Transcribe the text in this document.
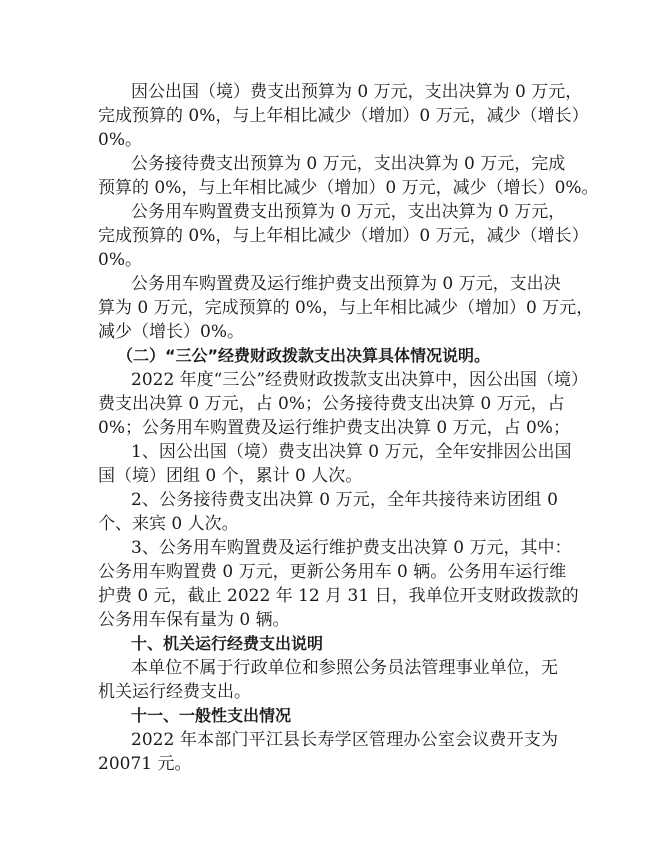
因公出国（境）费支出预算为 0 万元，支出决算为 0 万元，
完成预算的 0%，与上年相比减少（增加）0 万元，减少（增长）
0%。
公务接待费支出预算为 0 万元，支出决算为 0 万元，完成
预算的 0%，与上年相比减少（增加）0 万元，减少（增长）0%。
公务用车购置费支出预算为 0 万元，支出决算为 0 万元，
完成预算的 0%，与上年相比减少（增加）0 万元，减少（增长）
0%。
公务用车购置费及运行维护费支出预算为 0 万元，支出决
算为 0 万元，完成预算的 0%，与上年相比减少（增加）0 万元，
减少（增长）0%。
（二）“三公”经费财政拨款支出决算具体情况说明。
2022 年度“三公”经费财政拨款支出决算中，因公出国（境）
费支出决算 0 万元，占 0%；公务接待费支出决算 0 万元，占
0%；公务用车购置费及运行维护费支出决算 0 万元，占 0%；
1、因公出国（境）费支出决算 0 万元，全年安排因公出国
国（境）团组 0 个，累计 0 人次。
2、公务接待费支出决算 0 万元，全年共接待来访团组 0
个、来宾 0 人次。
3、公务用车购置费及运行维护费支出决算 0 万元，其中：
公务用车购置费 0 万元，更新公务用车 0 辆。公务用车运行维
护费 0 元，截止 2022 年 12 月 31 日，我单位开支财政拨款的
公务用车保有量为 0 辆。
十、机关运行经费支出说明
本单位不属于行政单位和参照公务员法管理事业单位，无
机关运行经费支出。
十一、一般性支出情况
2022 年本部门平江县长寿学区管理办公室会议费开支为
20071 元。
